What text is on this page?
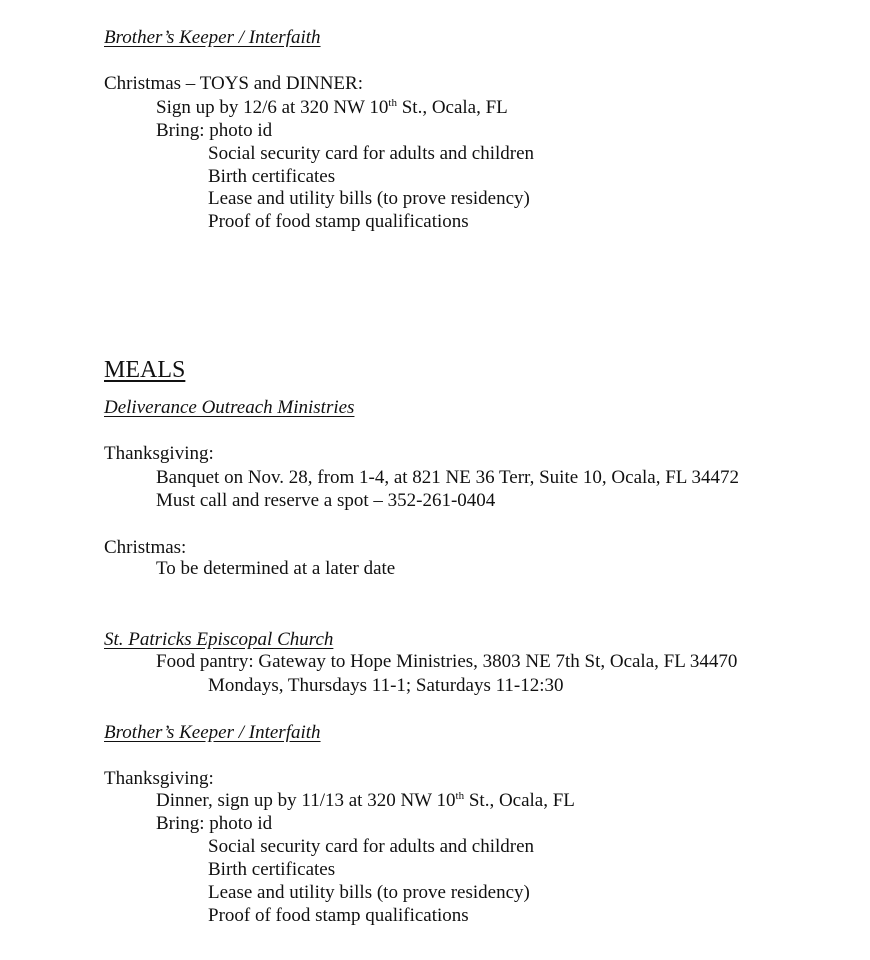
Brother’s Keeper / Interfaith
Christmas – TOYS and DINNER:
Sign up by 12/6 at 320 NW 10th St., Ocala, FL
Bring: photo id
Social security card for adults and children
Birth certificates
Lease and utility bills (to prove residency)
Proof of food stamp qualifications
MEALS
Deliverance Outreach Ministries
Thanksgiving:
Banquet on Nov. 28, from 1-4, at 821 NE 36 Terr, Suite 10, Ocala, FL 34472
Must call and reserve a spot – 352-261-0404
Christmas:
To be determined at a later date
St. Patricks Episcopal Church
Food pantry: Gateway to Hope Ministries, 3803 NE 7th St, Ocala, FL 34470
Mondays, Thursdays 11-1; Saturdays 11-12:30
Brother’s Keeper / Interfaith
Thanksgiving:
Dinner, sign up by 11/13 at 320 NW 10th St., Ocala, FL
Bring: photo id
Social security card for adults and children
Birth certificates
Lease and utility bills (to prove residency)
Proof of food stamp qualifications
